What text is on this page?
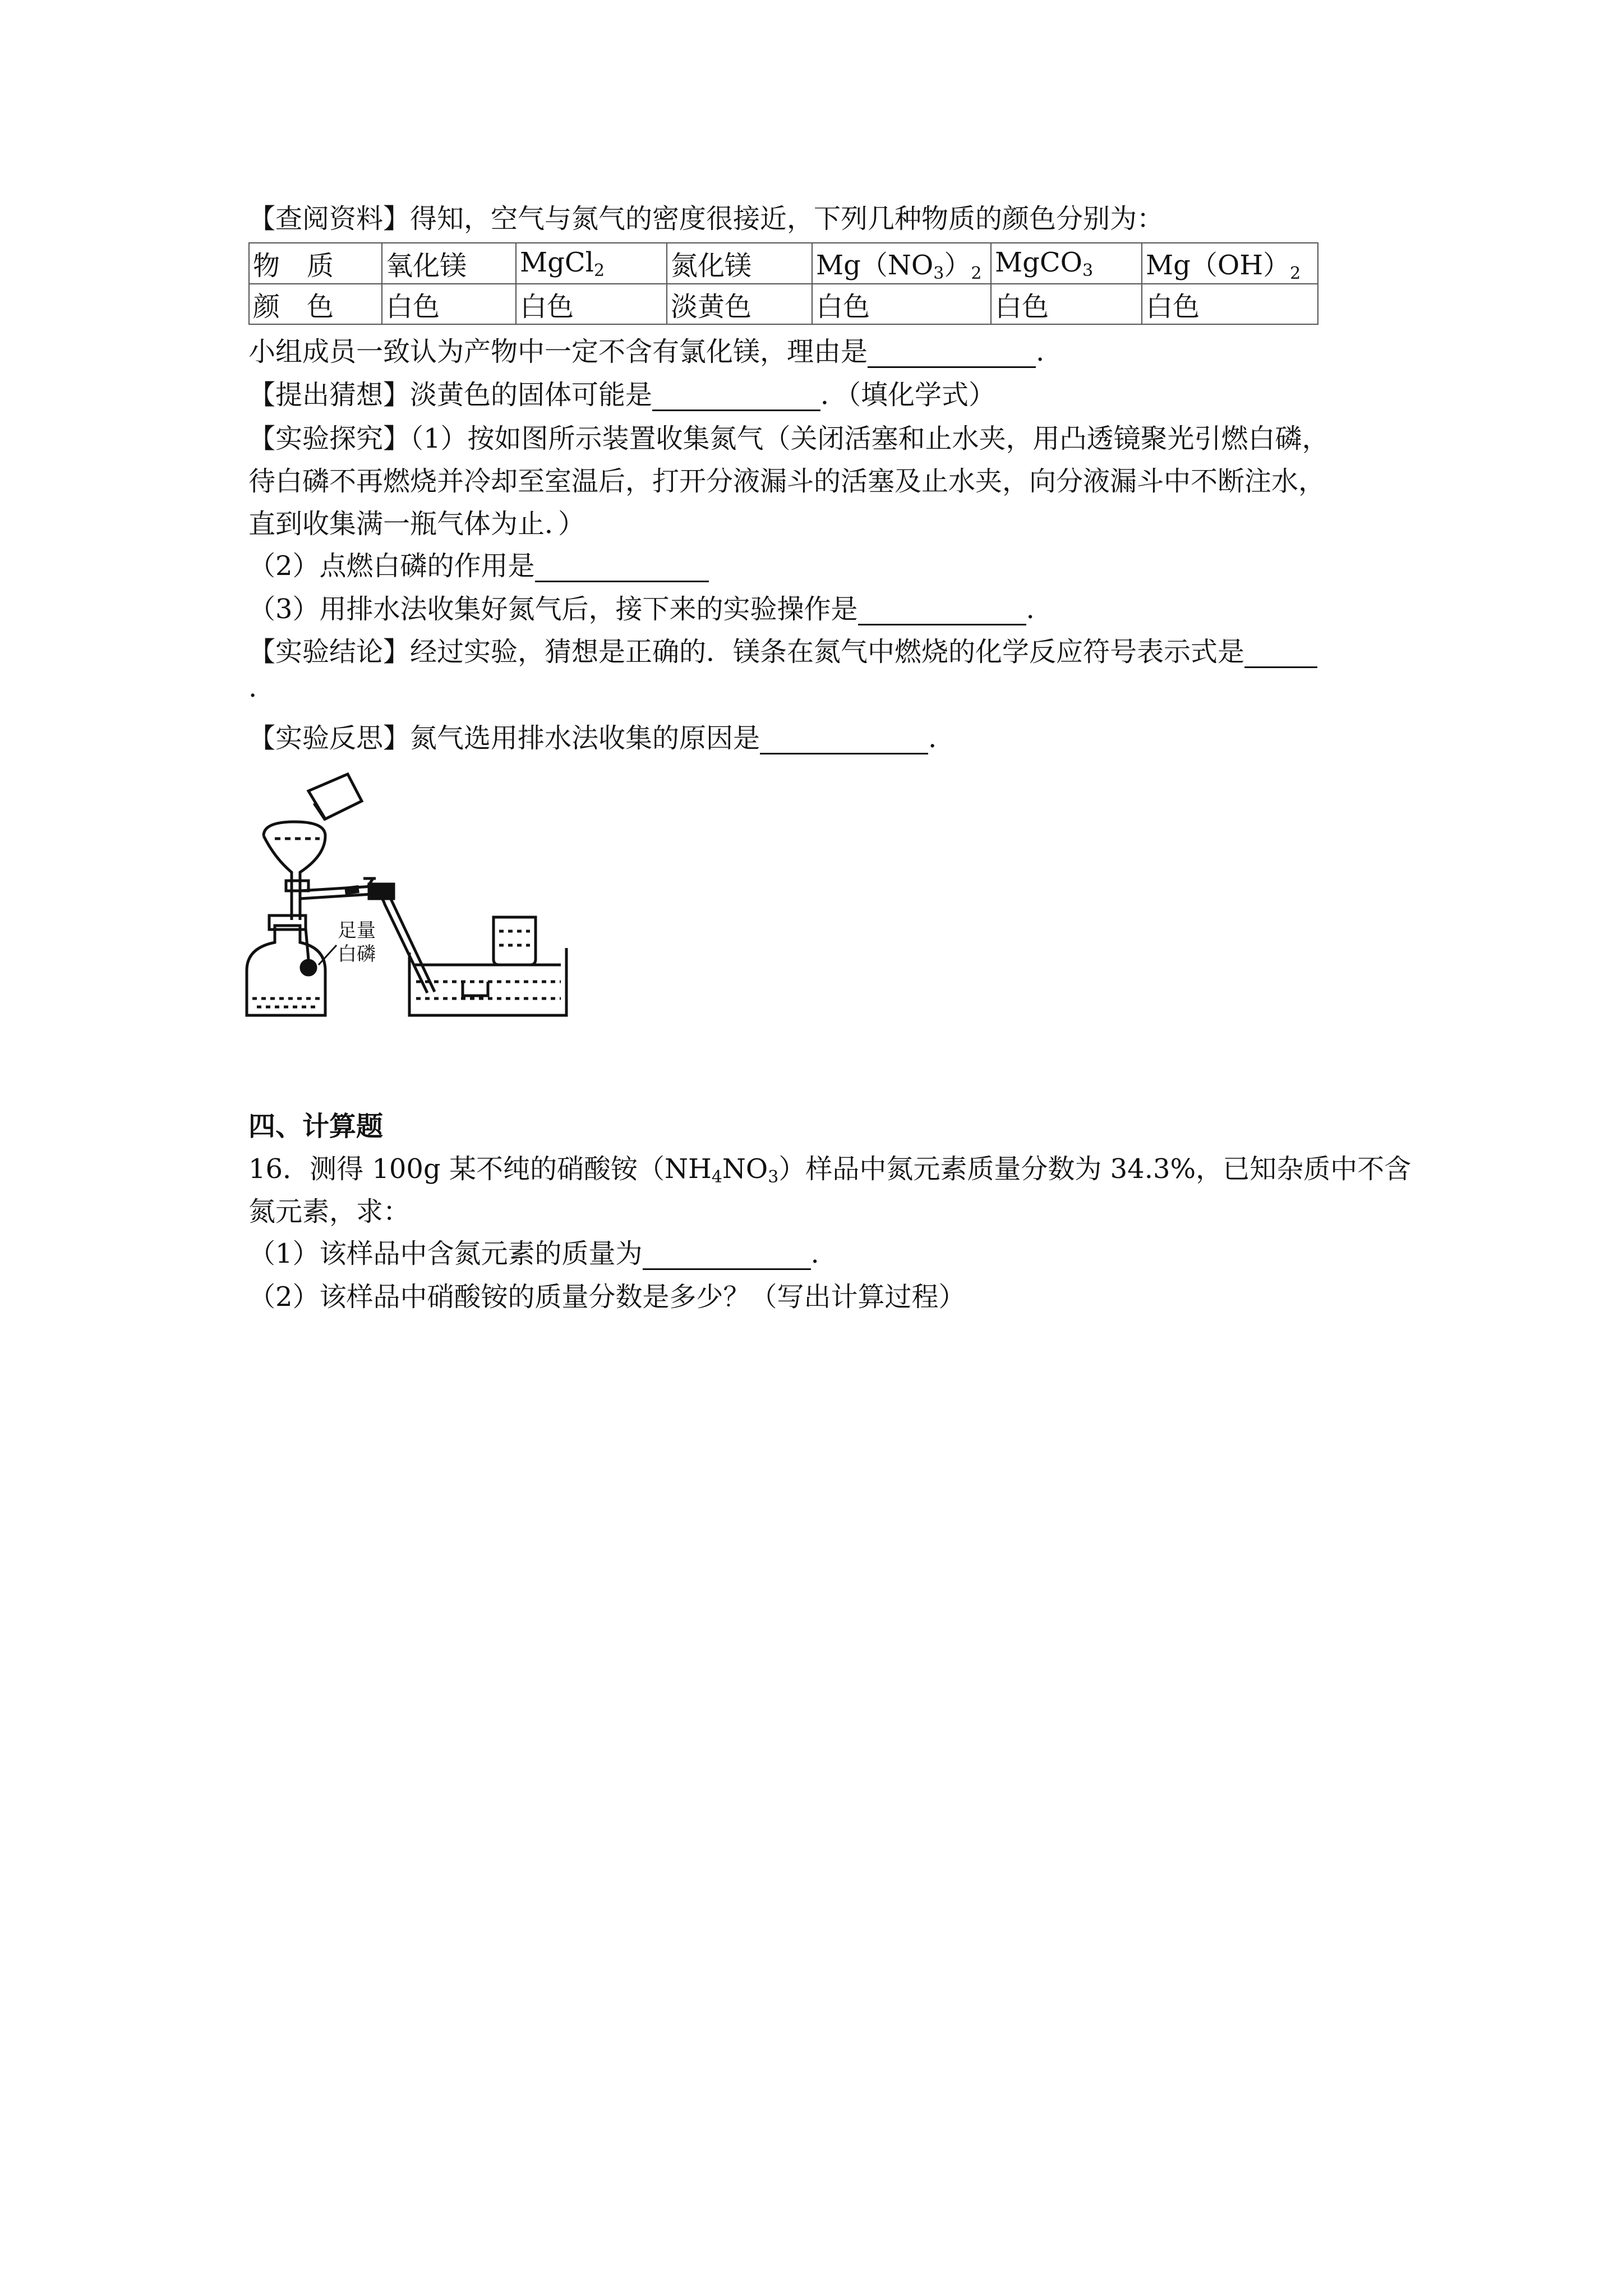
【查阅资料】得知，空气与氮气的密度很接近，下列几种物质的颜色分别为：
物　质	氧化镁	MgCl$_2$	氮化镁	$Mg(NO_3)_2$	MgCO$_3$	$Mg(OH)_2$
颜　色	白色	白色	淡黄色	白色	白色	白色
小组成员一致认为产物中一定不含有氯化镁，理由是	.
【提出猜想】淡黄色的固体可能是	．（填化学式）
【实验探究】（1）按如图所示装置收集氮气（关闭活塞和止水夹，用凸透镜聚光引燃白磷，
待白磷不再燃烧并冷却至室温后，打开分液漏斗的活塞及止水夹，向分液漏斗中不断注水，
直到收集满一瓶气体为止．）
（2）点燃白磷的作用是
（3）用排水法收集好氮气后，接下来的实验操作是	.
【实验结论】经过实验，猜想是正确的．镁条在氮气中燃烧的化学反应符号表示式是
.
【实验反思】氮气选用排水法收集的原因是	.
足量
白磷
四、计算题
16．测得 100g 某不纯的硝酸铵$(NH_4NO_3)$样品中氮元素质量分数为 34.3%，已知杂质中不含
氮元素，求：
（1）该样品中含氮元素的质量为	.
（2）该样品中硝酸铵的质量分数是多少？（写出计算过程）
